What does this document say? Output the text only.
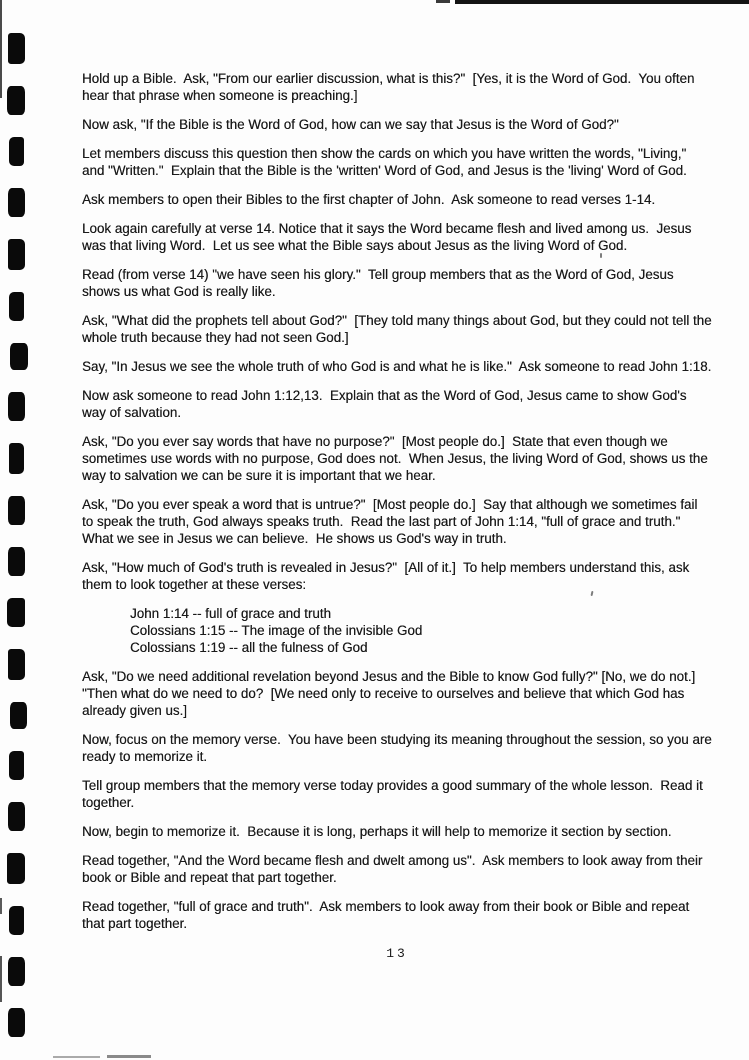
Hold up a Bible.  Ask, "From our earlier discussion, what is this?"  [Yes, it is the Word of God.  You often hear that phrase when someone is preaching.]

Now ask, "If the Bible is the Word of God, how can we say that Jesus is the Word of God?"

Let members discuss this question then show the cards on which you have written the words, "Living," and "Written."  Explain that the Bible is the 'written' Word of God, and Jesus is the 'living' Word of God.

Ask members to open their Bibles to the first chapter of John.  Ask someone to read verses 1-14.

Look again carefully at verse 14. Notice that it says the Word became flesh and lived among us.  Jesus was that living Word.  Let us see what the Bible says about Jesus as the living Word of God.

Read (from verse 14) "we have seen his glory."  Tell group members that as the Word of God, Jesus shows us what God is really like.

Ask, "What did the prophets tell about God?"  [They told many things about God, but they could not tell the whole truth because they had not seen God.]

Say, "In Jesus we see the whole truth of who God is and what he is like."  Ask someone to read John 1:18.

Now ask someone to read John 1:12,13.  Explain that as the Word of God, Jesus came to show God's way of salvation.

Ask, "Do you ever say words that have no purpose?"  [Most people do.]  State that even though we sometimes use words with no purpose, God does not.  When Jesus, the living Word of God, shows us the way to salvation we can be sure it is important that we hear.

Ask, "Do you ever speak a word that is untrue?"  [Most people do.]  Say that although we sometimes fail to speak the truth, God always speaks truth.  Read the last part of John 1:14, "full of grace and truth."  What we see in Jesus we can believe.  He shows us God's way in truth.

Ask, "How much of God's truth is revealed in Jesus?"  [All of it.]  To help members understand this, ask them to look together at these verses:

John 1:14 -- full of grace and truth
Colossians 1:15 -- The image of the invisible God
Colossians 1:19 -- all the fulness of God

Ask, "Do we need additional revelation beyond Jesus and the Bible to know God fully?" [No, we do not.]  "Then what do we need to do?  [We need only to receive to ourselves and believe that which God has already given us.]

Now, focus on the memory verse.  You have been studying its meaning throughout the session, so you are ready to memorize it.

Tell group members that the memory verse today provides a good summary of the whole lesson.  Read it together.

Now, begin to memorize it.  Because it is long, perhaps it will help to memorize it section by section.

Read together, "And the Word became flesh and dwelt among us".  Ask members to look away from their book or Bible and repeat that part together.

Read together, "full of grace and truth".  Ask members to look away from their book or Bible and repeat that part together.

13
